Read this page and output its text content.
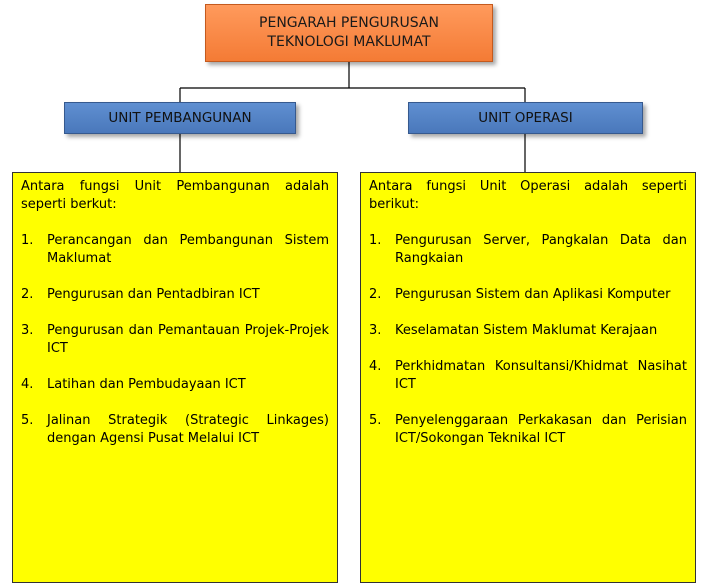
PENGARAH PENGURUSAN TEKNOLOGI MAKLUMAT
UNIT PEMBANGUNAN	UNIT OPERASI

Antara fungsi Unit Pembangunan adalah seperti berkut:

1.	Perancangan dan Pembangunan Sistem Maklumat
2.	Pengurusan dan Pentadbiran ICT
3.	Pengurusan dan Pemantauan Projek-Projek ICT
4.	Latihan dan Pembudayaan ICT
5.	Jalinan Strategik (Strategic Linkages) dengan Agensi Pusat Melalui ICT

Antara fungsi Unit Operasi adalah seperti berikut:

1.	Pengurusan Server, Pangkalan Data dan Rangkaian
2.	Pengurusan Sistem dan Aplikasi Komputer
3.	Keselamatan Sistem Maklumat Kerajaan
4.	Perkhidmatan Konsultansi/Khidmat Nasihat ICT
5.	Penyelenggaraan Perkakasan dan Perisian ICT/Sokongan Teknikal ICT
